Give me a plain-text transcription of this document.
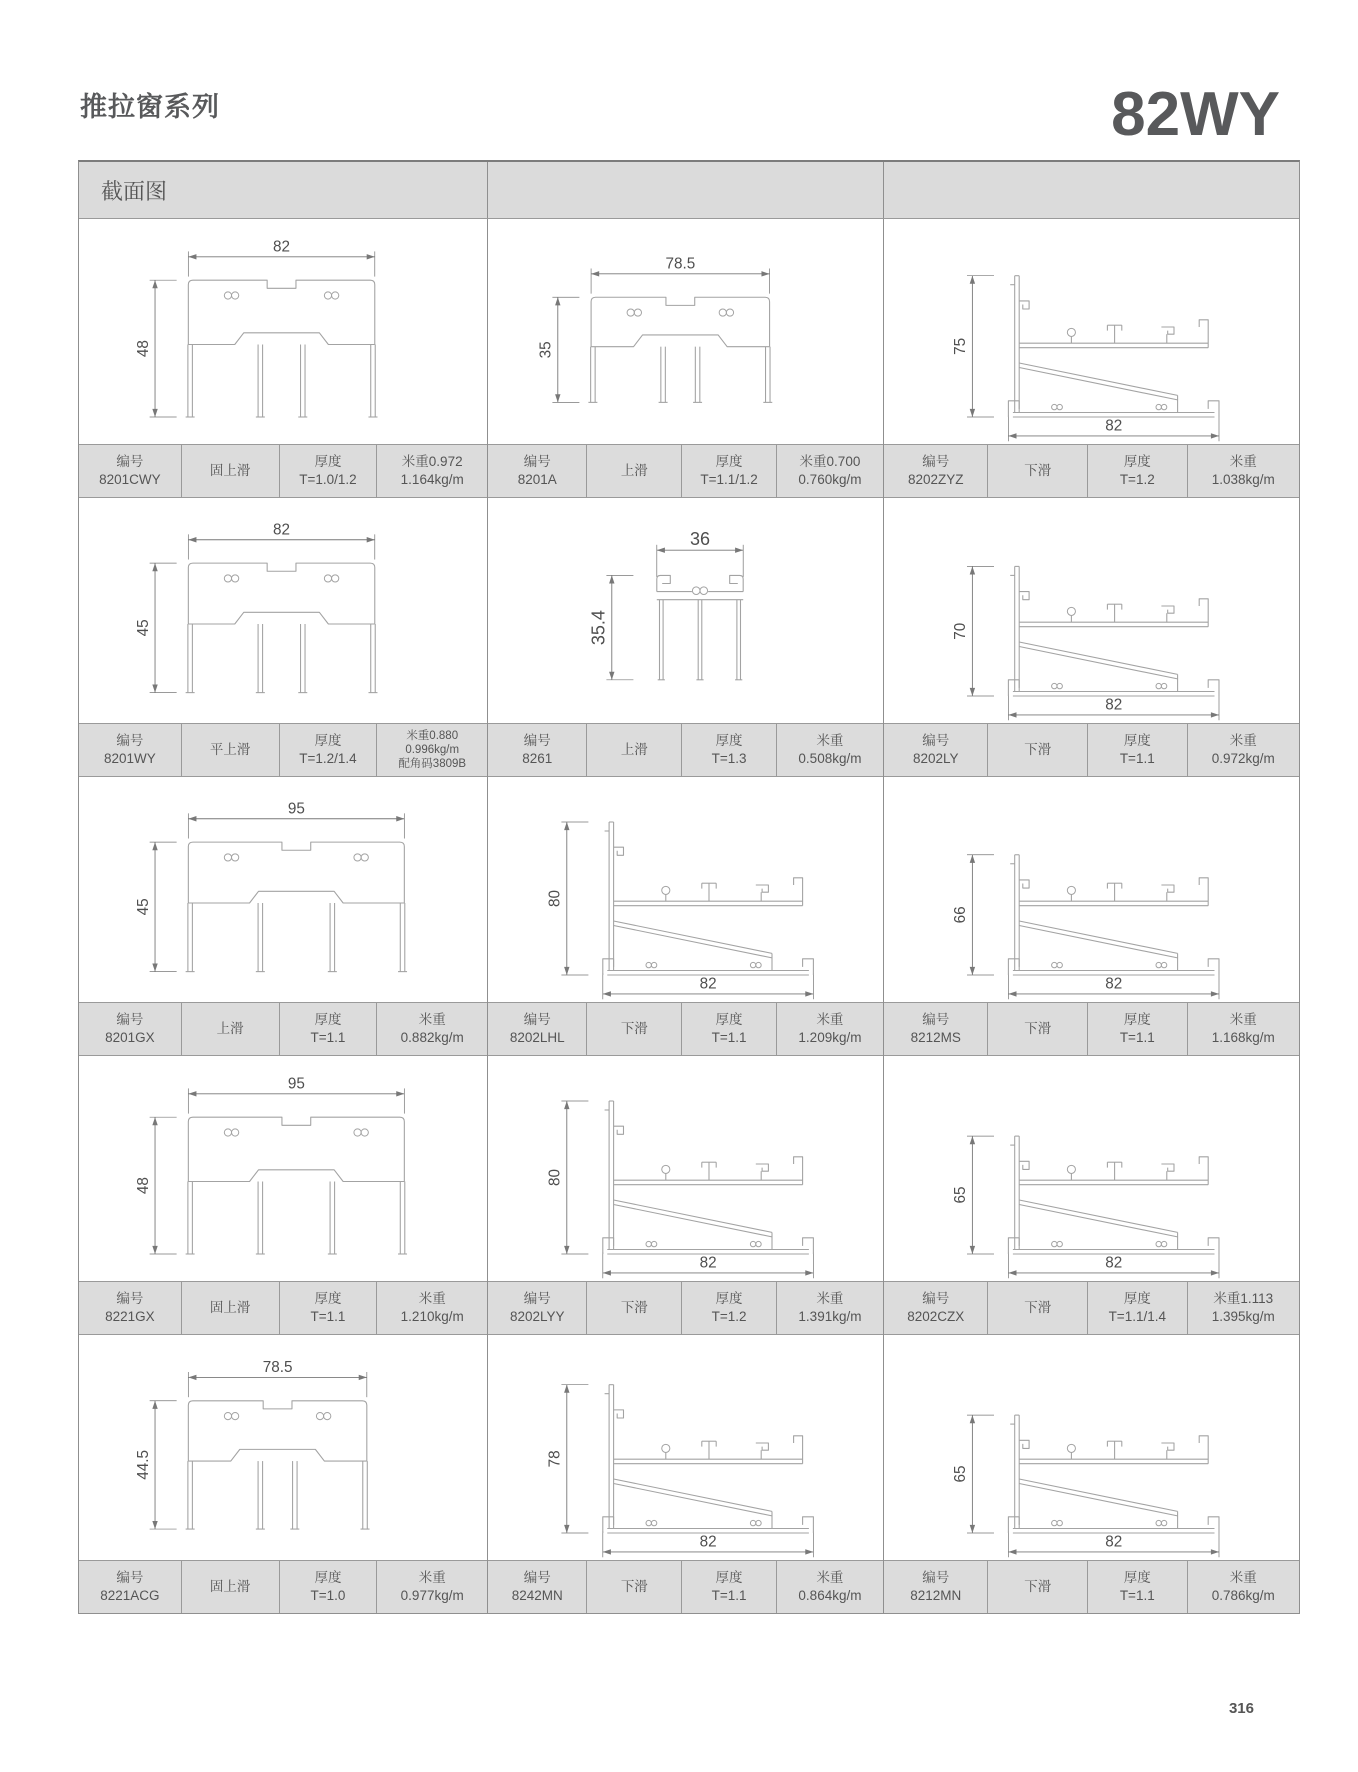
推拉窗系列	82WY
截面图
82
48
编号
8201CWY
固上滑
厚度
T=1.0/1.2
米重0.972
1.164kg/m
78.5
35
编号
8201A
上滑
厚度
T=1.1/1.2
米重0.700
0.760kg/m
75
82
编号
8202ZYZ
下滑
厚度
T=1.2
米重
1.038kg/m
82
45
编号
8201WY
平上滑
厚度
T=1.2/1.4
米重0.880
0.996kg/m
配角码3809B
36
35.4
编号
8261
上滑
厚度
T=1.3
米重
0.508kg/m
70
82
编号
8202LY
下滑
厚度
T=1.1
米重
0.972kg/m
95
45
编号
8201GX
上滑
厚度
T=1.1
米重
0.882kg/m
80
82
编号
8202LHL
下滑
厚度
T=1.1
米重
1.209kg/m
66
82
编号
8212MS
下滑
厚度
T=1.1
米重
1.168kg/m
95
48
编号
8221GX
固上滑
厚度
T=1.1
米重
1.210kg/m
80
82
编号
8202LYY
下滑
厚度
T=1.2
米重
1.391kg/m
65
82
编号
8202CZX
下滑
厚度
T=1.1/1.4
米重1.113
1.395kg/m
78.5
44.5
编号
8221ACG
固上滑
厚度
T=1.0
米重
0.977kg/m
78
82
编号
8242MN
下滑
厚度
T=1.1
米重
0.864kg/m
65
82
编号
8212MN
下滑
厚度
T=1.1
米重
0.786kg/m
316
